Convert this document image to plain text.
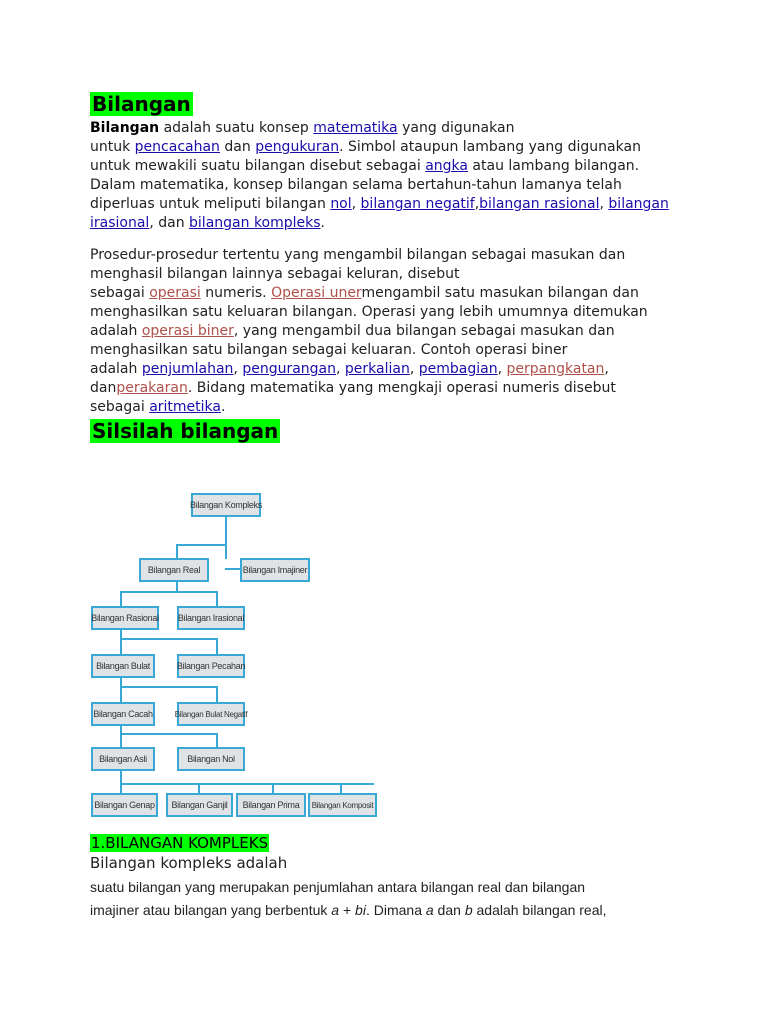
Bilangan
Bilangan adalah suatu konsep matematika yang digunakan
untuk pencacahan dan pengukuran. Simbol ataupun lambang yang digunakan
untuk mewakili suatu bilangan disebut sebagai angka atau lambang bilangan.
Dalam matematika, konsep bilangan selama bertahun-tahun lamanya telah
diperluas untuk meliputi bilangan nol, bilangan negatif,bilangan rasional, bilangan
irasional, dan bilangan kompleks.
Prosedur-prosedur tertentu yang mengambil bilangan sebagai masukan dan
menghasil bilangan lainnya sebagai keluran, disebut
sebagai operasi numeris. Operasi unermengambil satu masukan bilangan dan
menghasilkan satu keluaran bilangan. Operasi yang lebih umumnya ditemukan
adalah operasi biner, yang mengambil dua bilangan sebagai masukan dan
menghasilkan satu bilangan sebagai keluaran. Contoh operasi biner
adalah penjumlahan, pengurangan, perkalian, pembagian, perpangkatan,
danperakaran. Bidang matematika yang mengkaji operasi numeris disebut
sebagai aritmetika.
Silsilah bilangan
Bilangan Kompleks
Bilangan Real	Bilangan Imajiner
Bilangan Rasional Bilangan Irasional
Bilangan Bulat	Bilangan Pecahan
Bilangan Cacah	Bilangan Bulat Negatif
Bilangan Asli	Bilangan Nol
Bilangan Genap	Bilangan Ganjil	Bilangan Prima	Bilangan Komposit
1.BILANGAN KOMPLEKS
Bilangan kompleks adalah
suatu bilangan yang merupakan penjumlahan antara bilangan real dan bilangan
imajiner atau bilangan yang berbentuk a + bi. Dimana a dan b adalah bilangan real,
